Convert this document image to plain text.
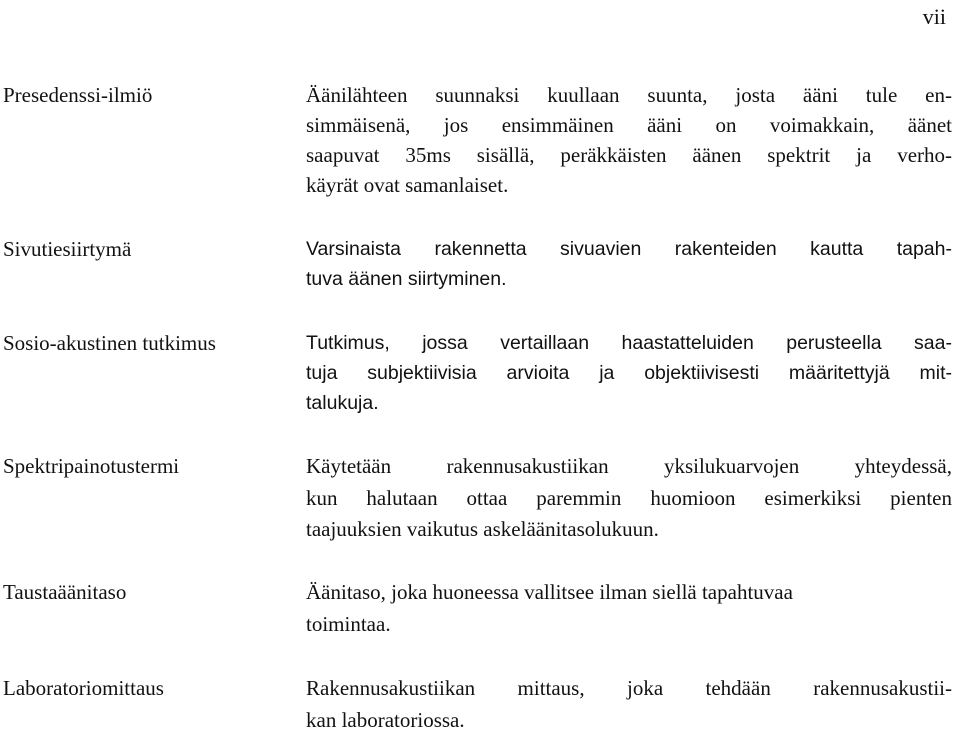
vii
Presedenssi-ilmiö	Äänilähteen suunnaksi kuullaan suunta, josta ääni tule en-
simmäisenä, jos ensimmäinen ääni on voimakkain, äänet
saapuvat 35ms sisällä, peräkkäisten äänen spektrit ja verho-
käyrät ovat samanlaiset.
Sivutiesiirtymä	Varsinaista rakennetta sivuavien rakenteiden kautta tapah-
tuva äänen siirtyminen.
Sosio-akustinen tutkimus	Tutkimus, jossa vertaillaan haastatteluiden perusteella saa-
tuja subjektiivisia arvioita ja objektiivisesti määritettyjä mit-
talukuja.
Spektripainotustermi	Käytetään rakennusakustiikan yksilukuarvojen yhteydessä,
kun halutaan ottaa paremmin huomioon esimerkiksi pienten
taajuuksien vaikutus askeläänitasolukuun.
Taustaäänitaso	Äänitaso, joka huoneessa vallitsee ilman siellä tapahtuvaa
toimintaa.
Laboratoriomittaus	Rakennusakustiikan mittaus, joka tehdään rakennusakustii-
kan laboratoriossa.
